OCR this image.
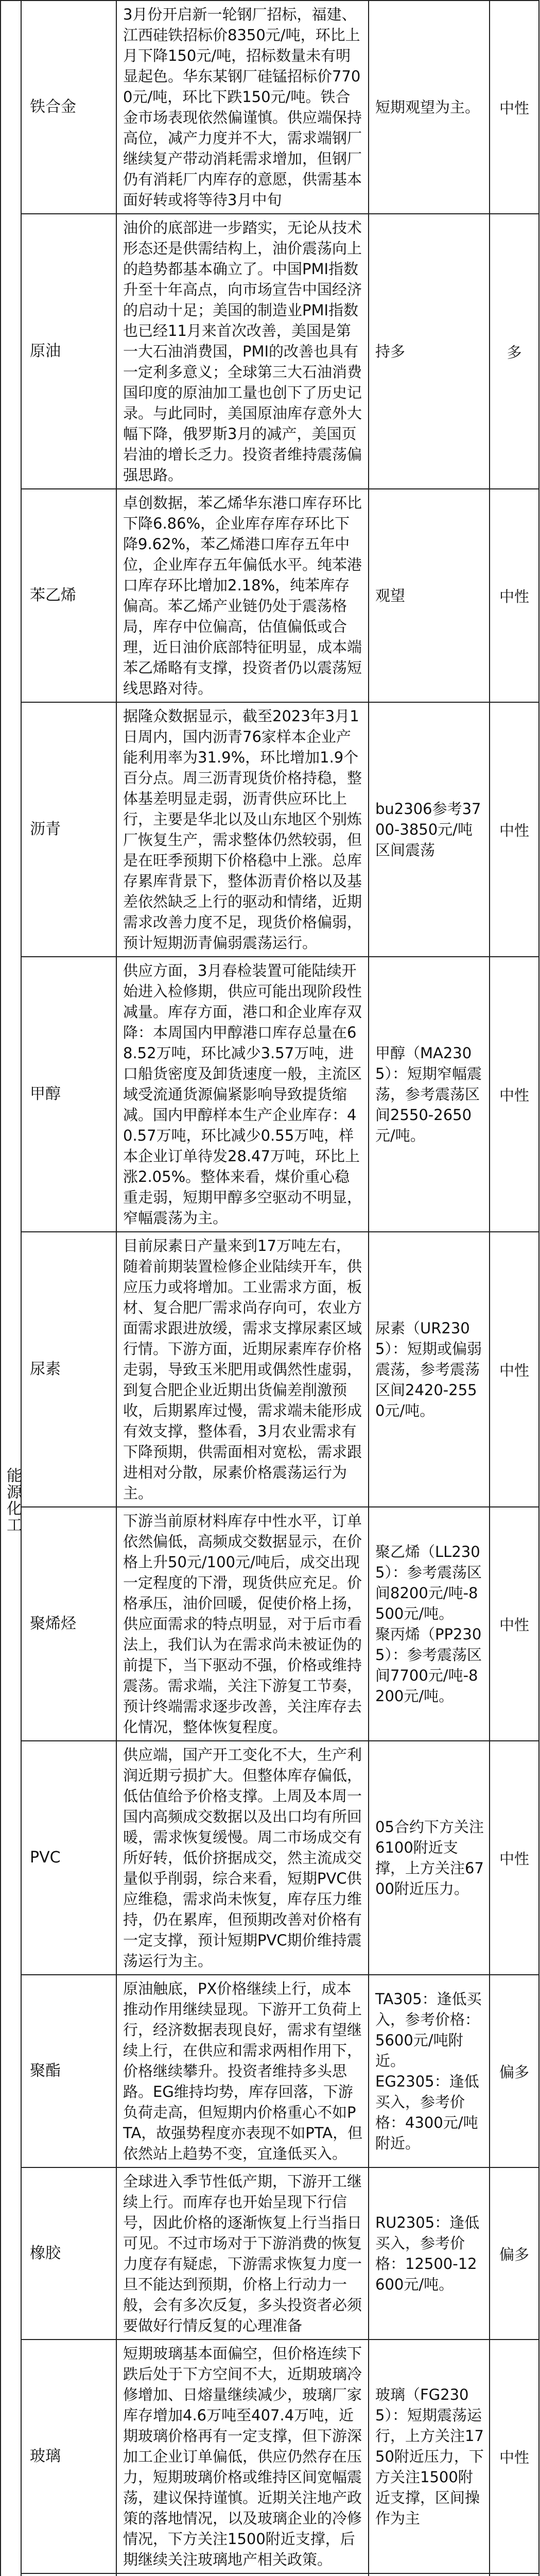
	铁合金	3月份开启新一轮钢厂招标，福建、江西硅铁招标价8350元/吨，环比上月下降150元/吨，招标数量未有明显起色。华东某钢厂硅锰招标价7700元/吨，环比下跌150元/吨。铁合金市场表现依然偏谨慎。供应端保持高位，减产力度并不大，需求端钢厂继续复产带动消耗需求增加，但钢厂仍有消耗厂内库存的意愿，供需基本面好转或将等待3月中旬	短期观望为主。	中性

能源化工	原油	油价的底部进一步踏实，无论从技术形态还是供需结构上，油价震荡向上的趋势都基本确立了。中国PMI指数升至十年高点，向市场宣告中国经济的启动十足；美国的制造业PMI指数也已经11月来首次改善，美国是第一大石油消费国，PMI的改善也具有一定利多意义；全球第三大石油消费国印度的原油加工量也创下了历史记录。与此同时，美国原油库存意外大幅下降，俄罗斯3月的减产，美国页岩油的增长乏力。投资者维持震荡偏强思路。	持多	多

	苯乙烯	卓创数据，苯乙烯华东港口库存环比下降6.86%，企业库存库存环比下降9.62%，苯乙烯港口库存五年中位，企业库存五年偏低水平。纯苯港口库存环比增加2.18%，纯苯库存偏高。苯乙烯产业链仍处于震荡格局，库存中位偏高，估值偏低或合理，近日油价底部特征明显，成本端苯乙烯略有支撑，投资者仍以震荡短线思路对待。	观望	中性

	沥青	据隆众数据显示，截至2023年3月1日周内，国内沥青76家样本企业产能利用率为31.9%，环比增加1.9个百分点。周三沥青现货价格持稳，整体基差明显走弱，沥青供应环比上行，主要是华北以及山东地区个别炼厂恢复生产，需求整体仍然较弱，但是在旺季预期下价格稳中上涨。总库存累库背景下，整体沥青价格以及基差依然缺乏上行的驱动和情绪，近期需求改善力度不足，现货价格偏弱，预计短期沥青偏弱震荡运行。	bu2306参考3700-3850元/吨区间震荡	中性

	甲醇	供应方面，3月春检装置可能陆续开始进入检修期，供应可能出现阶段性减量。库存方面，港口和企业库存双降：本周国内甲醇港口库存总量在68.52万吨，环比减少3.57万吨，进口船货密度及卸货速度一般，主流区域受流通货源偏紧影响导致提货缩减。国内甲醇样本生产企业库存：40.57万吨，环比减少0.55万吨，样本企业订单待发28.47万吨，环比上涨2.05%。整体来看，煤价重心稳重走弱，短期甲醇多空驱动不明显，窄幅震荡为主。	甲醇（MA2305）：短期窄幅震荡，参考震荡区间2550-2650元/吨。	中性

	尿素	目前尿素日产量来到17万吨左右，随着前期装置检修企业陆续开车，供应压力或将增加。工业需求方面，板材、复合肥厂需求尚存向可，农业方面需求跟进放缓，需求支撑尿素区域行情。下游方面，近期尿素库存价格走弱，导致玉米肥用或偶然性虚弱，到复合肥企业近期出货偏差削激预收，后期累库过慢，需求端未能形成有效支撑，整体看，3月农业需求有下降预期，供需面相对宽松，需求跟进相对分散，尿素价格震荡运行为主。	尿素（UR2305）：短期或偏弱震荡，参考震荡区间2420-2550元/吨。	中性

	聚烯烃	下游当前原材料库存中性水平，订单依然偏低，高频成交数据显示，在价格上升50元/100元/吨后，成交出现一定程度的下滑，现货供应充足。价格承压，油价回暖，促使价格上扬，供应面需求的特点明显，对于后市看法上，我们认为在需求尚未被证伪的前提下，当下驱动不强，价格或维持震荡。需求端，关注下游复工节奏，预计终端需求逐步改善，关注库存去化情况，整体恢复程度。	聚乙烯（LL2305）：参考震荡区间8200元/吨-8500元/吨。
聚丙烯（PP2305）：参考震荡区间7700元/吨-8200元/吨。	中性

	PVC	供应端，国产开工变化不大，生产利润近期亏损扩大。但整体库存偏低，低估值给予价格支撑。上周及本周一国内高频成交数据以及出口均有所回暖，需求恢复缓慢。周二市场成交有所好转，低价挤据成交，然主流成交量似乎削弱，综合来看，短期PVC供应维稳，需求尚未恢复，库存压力维持，仍在累库，但预期改善对价格有一定支撑，预计短期PVC期价维持震荡运行为主。	05合约下方关注6100附近支撑，上方关注6700附近压力。	中性

	聚酯	原油触底，PX价格继续上行，成本推动作用继续显现。下游开工负荷上行，经济数据表现良好，需求有望继续上行，在供应和需求两相作用下，价格继续攀升。投资者维持多头思路。EG维持均势，库存回落，下游负荷走高，但短期内价格重心不如PTA，故强势程度亦表现不如PTA，但依然站上趋势不变，宜逢低买入。	TA305：逢低买入，参考价格：5600元/吨附近。
EG2305：逢低买入，参考价格：4300元/吨附近。	偏多

	橡胶	全球进入季节性低产期，下游开工继续上行。而库存也开始呈现下行信号，因此价格的逐渐恢复上行当指日可见。不过市场对于下游消费的恢复力度存有疑虑，下游需求恢复力度一旦不能达到预期，价格上行动力一般，会有多次反复，多头投资者必须要做好行情反复的心理准备	RU2305：逢低买入，参考价格：12500-12600元/吨。	偏多

	玻璃	短期玻璃基本面偏空，但价格连续下跌后处于下方空间不大，近期玻璃冷修增加、日熔量继续减少，玻璃厂家库存增加4.6万吨至407.4万吨，近期玻璃价格再有一定支撑，但下游深加工企业订单偏低，供应仍然存在压力，短期玻璃价格或维持区间宽幅震荡，建议保持谨慎。近期关注地产政策的落地情况，以及玻璃企业的冷修情况，下方关注1500附近支撑，后期继续关注玻璃地产相关政策。	玻璃（FG2305）：短期震荡运行，上方关注1750附近压力，下方关注1500附近支撑，区间操作为主	中性
